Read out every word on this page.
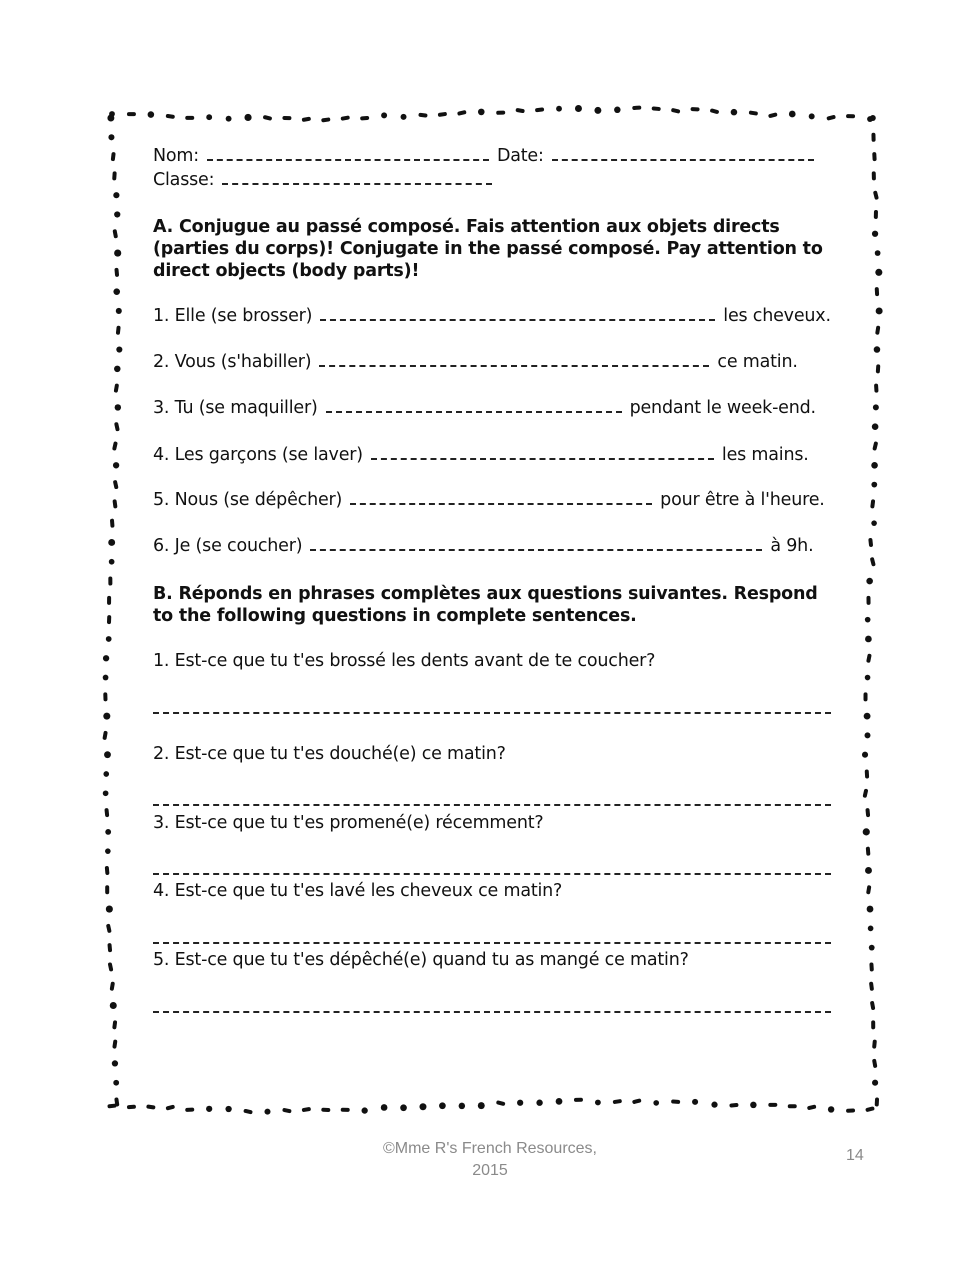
Nom:	Date:
Classe:

A. Conjugue au passé composé. Fais attention aux objets directs (parties du corps)! Conjugate in the passé composé. Pay attention to direct objects (body parts)!

1. Elle (se brosser)	les cheveux.
2. Vous (s'habiller)	ce matin.
3. Tu (se maquiller)	pendant le week-end.
4. Les garçons (se laver)	les mains.
5. Nous (se dépêcher)	pour être à l'heure.
6. Je (se coucher)	à 9h.

B. Réponds en phrases complètes aux questions suivantes. Respond to the following questions in complete sentences.

1. Est-ce que tu t'es brossé les dents avant de te coucher?
2. Est-ce que tu t'es douché(e) ce matin?
3. Est-ce que tu t'es promené(e) récemment?
4. Est-ce que tu t'es lavé les cheveux ce matin?
5. Est-ce que tu t'es dépêché(e) quand tu as mangé ce matin?
©Mme R's French Resources,
2015
14
